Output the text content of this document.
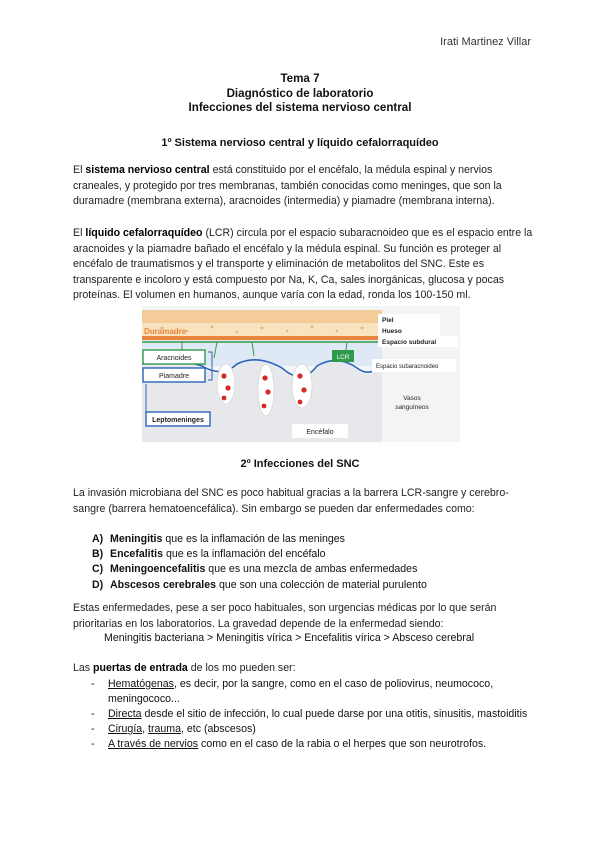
Irati Martinez Villar
Tema 7
Diagnóstico de laboratorio
Infecciones del sistema nervioso central
1º Sistema nervioso central y líquido cefalorraquídeo
El sistema nervioso central está constituido por el encéfalo, la médula espinal y nervios craneales, y protegido por tres membranas, también conocidas como meninges, que son la duramadre (membrana externa), aracnoides (intermedia) y piamadre (membrana interna).
El líquido cefalorraquídeo (LCR) circula por el espacio subaracnoideo que es el espacio entre la aracnoides y la piamadre bañado el encéfalo y la médula espinal. Su función es proteger al encéfalo de traumatismos y el transporte y eliminación de metabolitos del SNC. Este es transparente e incoloro y está compuesto por Na, K, Ca, sales inorgánicas, glucosa y pocas proteínas. El volumen en humanos, aunque varía con la edad, ronda los 100-150 ml.
LCR
Duramadre
Aracnoides
Piamadre
Leptomeninges
Piel
Hueso
Espacio subdural
Espacio subaracnoideo
Vasos
sanguíneos
Encéfalo
2º Infecciones del SNC
La invasión microbiana del SNC es poco habitual gracias a la barrera LCR-sangre y cerebro-sangre (barrera hematoencefálica). Sin embargo se pueden dar enfermedades como:
A) Meningitis que es la inflamación de las meninges
B) Encefalitis que es la inflamación del encéfalo
C) Meningoencefalitis que es una mezcla de ambas enfermedades
D) Abscesos cerebrales que son una colección de material purulento
Estas enfermedades, pese a ser poco habituales, son urgencias médicas por lo que serán prioritarias en los laboratorios. La gravedad depende de la enfermedad siendo:
Meningitis bacteriana > Meningitis vírica > Encefalitis vírica > Absceso cerebral
Las puertas de entrada de los mo pueden ser:
- Hematógenas, es decir, por la sangre, como en el caso de poliovirus, neumococo, meningococo...
- Directa desde el sitio de infección, lo cual puede darse por una otitis, sinusitis, mastoiditis
- Cirugía, trauma, etc (abscesos)
- A través de nervios como en el caso de la rabia o el herpes que son neurotrofos.
